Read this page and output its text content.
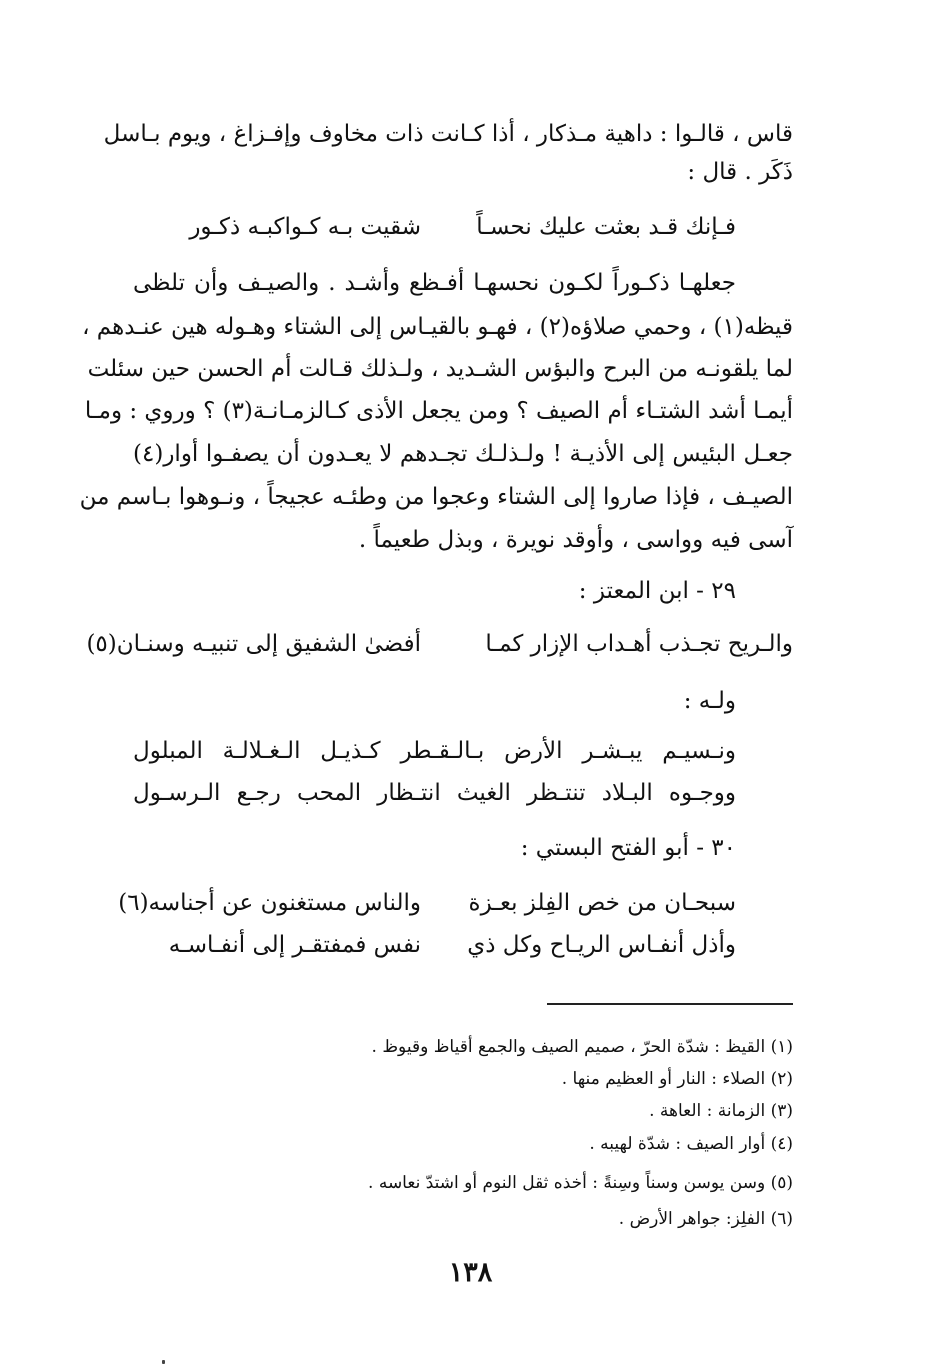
قاس ، قالـوا : داهية مـذكار ، أذا كـانت ذات مخاوف وإفـزاغ ، ويوم بـاسل
ذَكَر . قال :
فـإنك قـد بعثت عليك نحسـاً
شقيت بـه كـواكبـه ذكـور
جعلهـا ذكـوراً لكـون نحسهـا أفـظع وأشـد . والصيـف وأن تلظى
قيظه(١) ، وحمي صلاؤه(٢) ، فهـو بالقيـاس إلى الشتاء وهـوله هين عنـدهم ،
لما يلقونـه من البرح والبؤس الشـديد ، ولـذلك قـالت أم الحسن حين سئلت
أيمـا أشد الشتـاء أم الصيف ؟ ومن يجعل الأذى كـالزمـانـة(٣) ؟ وروي : ومـا
جعـل البئيس إلى الأذيـة ! ولـذلـك تجـدهم لا يعـدون أن يصفـوا أوار(٤)
الصيـف ، فإذا صاروا إلى الشتاء وعجوا من وطئـه عجيجاً ، ونـوهوا بـاسم من
آسى فيه وواسى ، وأوقد نويرة ، وبذل طعيماً .
٢٩ - ابن المعتز :
والـريح تجـذب أهـداب الإزار كمـا
أفضىٰ الشفيق إلى تنبيـه وسنـان(٥)
ولـه :
ونـسيـم يبـشـر الأرض بـالـقـطر كـذيـل الـغـلالـة المبلول
ووجـوه البـلاد تنتـظر الغيث انتـظار المحب رجـع الـرسـول
٣٠ - أبو الفتح البستي :
سبحـان من خص الفِلز بعـزة
والناس مستغنون عن أجناسه(٦)
وأذل أنفـاس الريـاح وكل ذي
نفس فمفتقـر إلى أنفـاسـه
(١) القيظ : شدّة الحرّ ، صميم الصيف والجمع أقياظ وقيوظ .
(٢) الصلاء : النار أو العظيم منها .
(٣) الزمانة : العاهة .
(٤) أوار الصيف : شدّة لهيبه .
(٥) وسن يوسن وسناً وسِنةً : أخذه ثقل النوم أو اشتدّ نعاسه .
(٦) الفلِز: جواهر الأرض .
١٣٨
